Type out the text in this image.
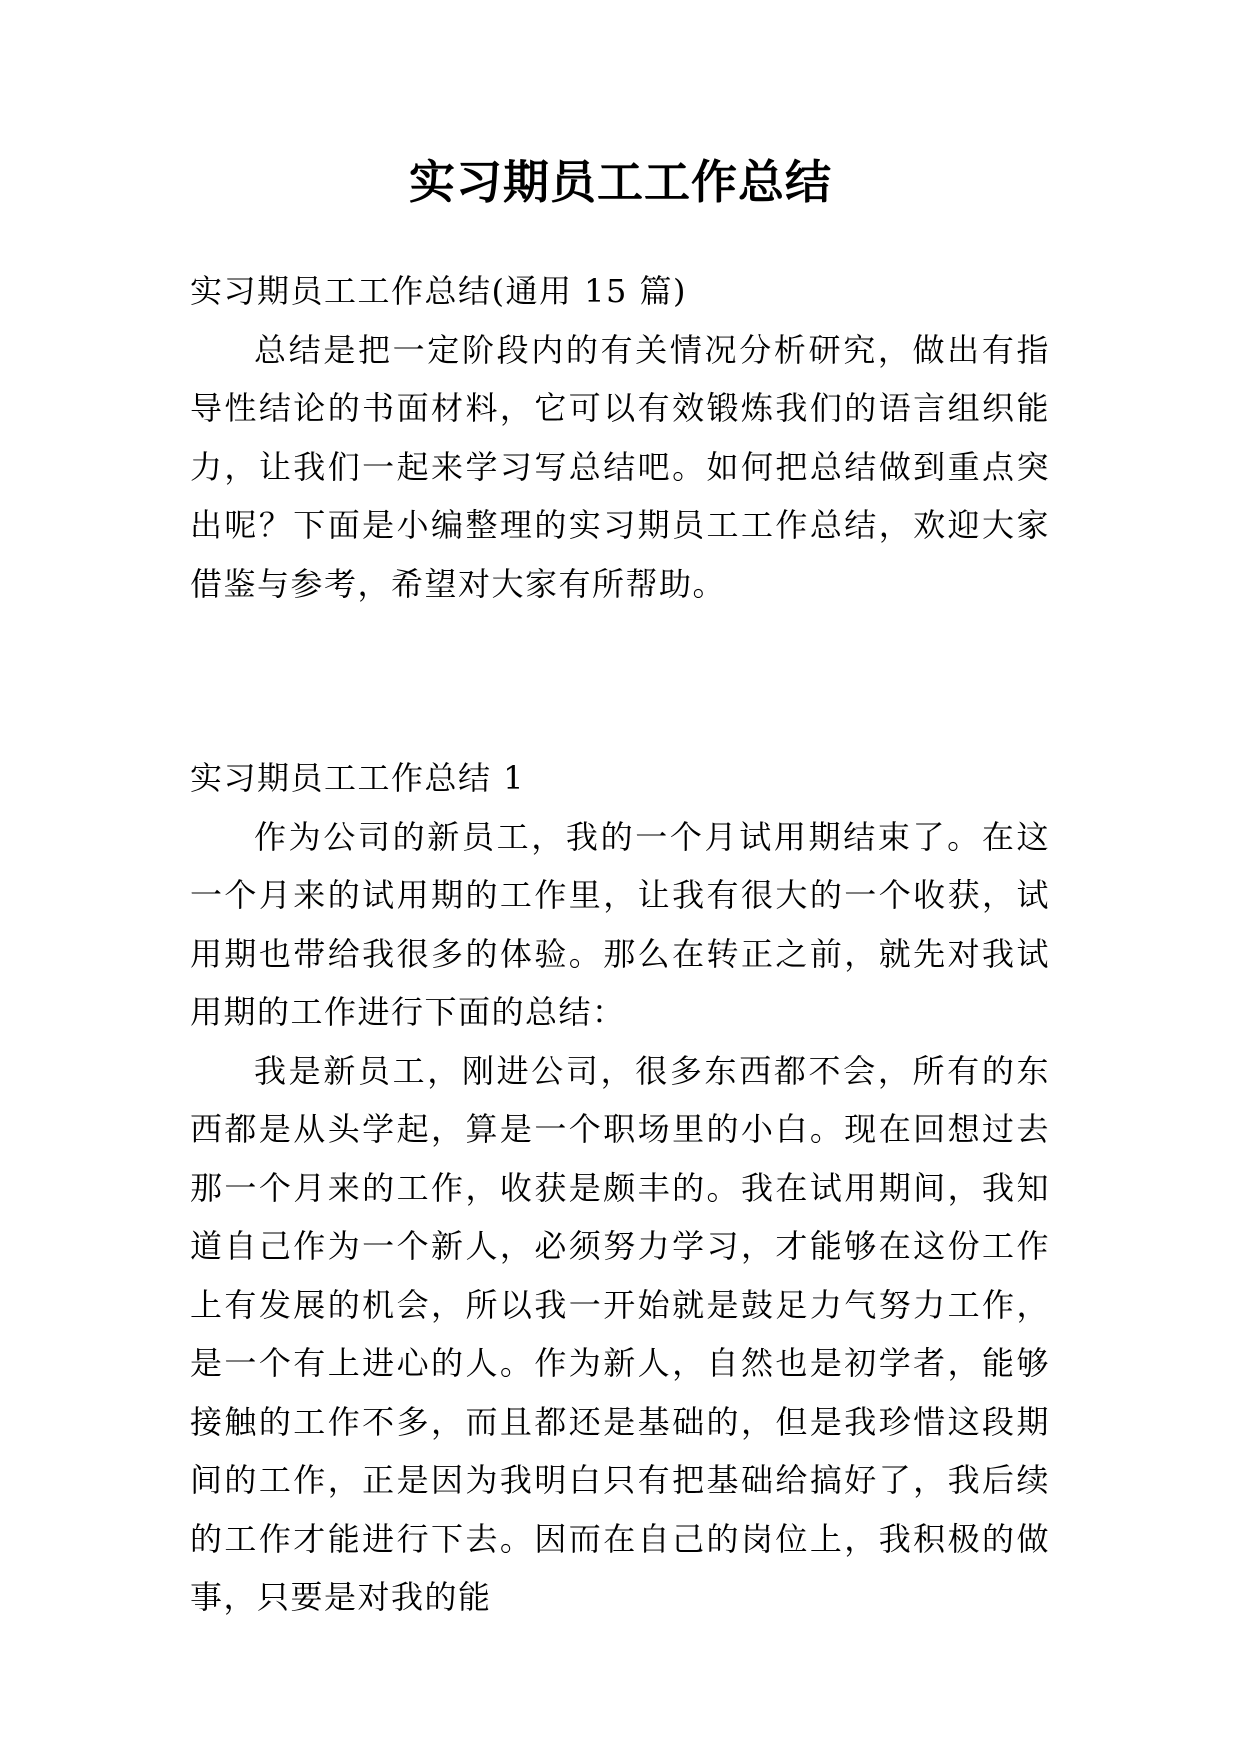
实习期员工工作总结

实习期员工工作总结(通用 15 篇)

总结是把一定阶段内的有关情况分析研究，做出有指导性结论的书面材料，它可以有效锻炼我们的语言组织能力，让我们一起来学习写总结吧。如何把总结做到重点突出呢？下面是小编整理的实习期员工工作总结，欢迎大家借鉴与参考，希望对大家有所帮助。

实习期员工工作总结 1

作为公司的新员工，我的一个月试用期结束了。在这一个月来的试用期的工作里，让我有很大的一个收获，试用期也带给我很多的体验。那么在转正之前，就先对我试用期的工作进行下面的总结：

我是新员工，刚进公司，很多东西都不会，所有的东西都是从头学起，算是一个职场里的小白。现在回想过去那一个月来的工作，收获是颇丰的。我在试用期间，我知道自己作为一个新人，必须努力学习，才能够在这份工作上有发展的机会，所以我一开始就是鼓足力气努力工作，是一个有上进心的人。作为新人，自然也是初学者，能够接触的工作不多，而且都还是基础的，但是我珍惜这段期间的工作，正是因为我明白只有把基础给搞好了，我后续的工作才能进行下去。因而在自己的岗位上，我积极的做事，只要是对我的能
